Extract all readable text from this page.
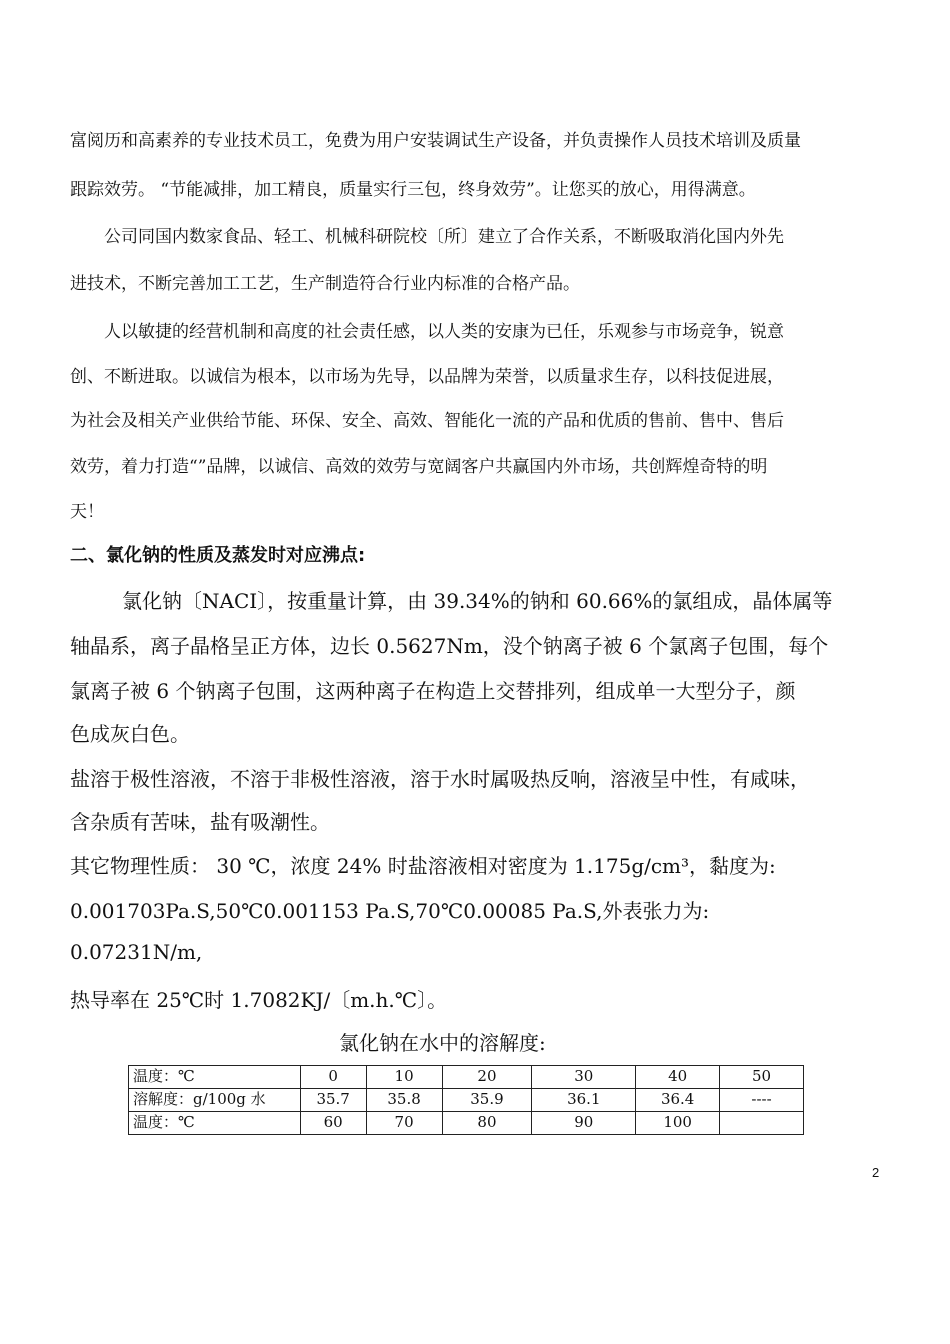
富阅历和高素养的专业技术员工，免费为用户安装调试生产设备，并负责操作人员技术培训及质量
跟踪效劳。 “节能减排，加工精良，质量实行三包，终身效劳”。让您买的放心，用得满意。
公司同国内数家食品、轻工、机械科研院校〔所〕建立了合作关系，不断吸取消化国内外先
进技术，不断完善加工工艺，生产制造符合行业内标准的合格产品。
人以敏捷的经营机制和高度的社会责任感，以人类的安康为已任，乐观参与市场竞争，锐意
创、不断进取。以诚信为根本，以市场为先导，以品牌为荣誉，以质量求生存，以科技促进展，
为社会及相关产业供给节能、环保、安全、高效、智能化一流的产品和优质的售前、售中、售后
效劳，着力打造“”品牌，以诚信、高效的效劳与宽阔客户共赢国内外市场，共创辉煌奇特的明
天！
二、氯化钠的性质及蒸发时对应沸点:
氯化钠〔NACI〕，按重量计算，由 39.34%的钠和 60.66%的氯组成，晶体属等
轴晶系，离子晶格呈正方体，边长 0.5627Nm，没个钠离子被 6 个氯离子包围，每个
氯离子被 6 个钠离子包围，这两种离子在构造上交替排列，组成单一大型分子，颜
色成灰白色。
盐溶于极性溶液，不溶于非极性溶液，溶于水时属吸热反响，溶液呈中性，有咸味，
含杂质有苦味，盐有吸潮性。
其它物理性质： 30 ℃，浓度 24% 时盐溶液相对密度为 1.175g/cm³，黏度为:
0.001703Pa.S,50℃0.001153 Pa.S,70℃0.00085 Pa.S,外表张力为:
0.07231N/m,
热导率在 25℃时 1.7082KJ/〔m.h.℃〕。
氯化钠在水中的溶解度:
温度：℃	0	10	20	30	40	50
溶解度：g/100g 水	35.7	35.8	35.9	36.1	36.4	----
温度：℃	60	70	80	90	100	
2
